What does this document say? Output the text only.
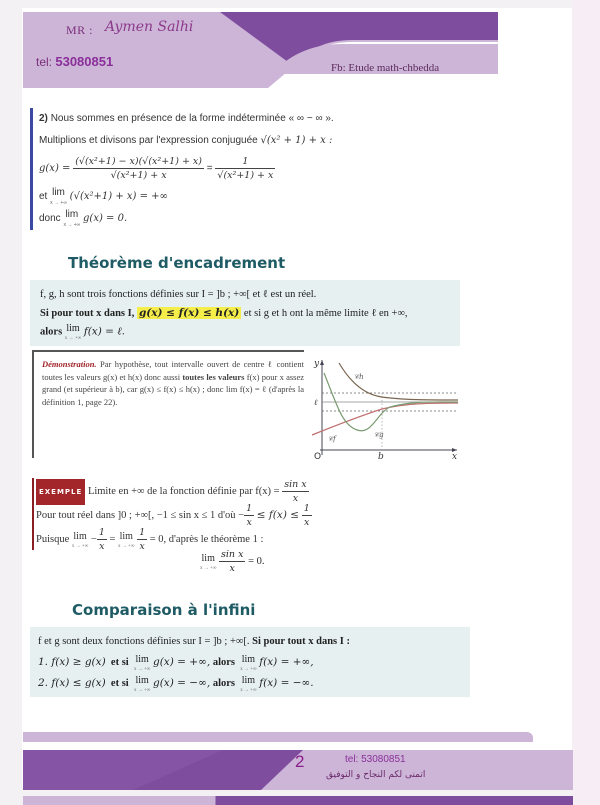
MR : Aymen Salhi
tel: 53080851	Fb: Etude math-chbedda
2) Nous sommes en présence de la forme indéterminée « ∞ − ∞ ».
Multiplions et divisons par l'expression conjuguée √(x² + 1) + x :
$g(x) = \frac{\text{(√(x²+1) − x)(√(x²+1) + x)}}{\text{√(x²+1) + x}} = \frac{1}{\text{√(x²+1) + x}}$
et lim
x → +∞
(√(x²+1) + x) = +∞
donc lim
x → +∞
g(x) = 0.
Théorème d'encadrement
f, g, h sont trois fonctions définies sur I = ]b ; +∞[ et ℓ est un réel.
Si pour tout x dans I, g(x) ≤ f(x) ≤ h(x) et si g et h ont la même limite ℓ en +∞,
alors lim
x → +∞
f(x) = ℓ.
Démonstration. Par hypothèse, tout intervalle ouvert de centre ℓ contient toutes les valeurs g(x) et h(x) donc aussi toutes les valeurs f(x) pour x assez grand (et supérieur à b), car g(x) ≤ f(x) ≤ h(x) ; donc lim f(x) = ℓ (d'après la définition 1, page 22).
y
x
O	b
ℓ
𝒞h
𝒞f	𝒞g
EXEMPLE Limite en +∞ de la fonction définie par $f(x) = \frac{\text{sin x}}{x}$
Pour tout réel dans ]0 ; +∞[, −1 ≤ sin x ≤ 1 d'où − $\frac{1}{x} \le f(x) \le \frac{1}{x}$
Puisque lim
x → +∞
− $\frac{1}{x} = \lim$
x → +∞
$\frac{1}{x} = 0$, d'après le théorème 1 :
lim
x → +∞
$\frac{\text{sin x}}{x} = 0$.
Comparaison à l'infini
f et g sont deux fonctions définies sur I = ]b ; +∞[. Si pour tout x dans I :
1. f(x) ≥ g(x) et si lim
x → +∞
g(x) = +∞, alors lim
x → +∞
f(x) = +∞,
2. f(x) ≤ g(x) et si lim
x → +∞
g(x) = −∞, alors lim
x → +∞
f(x) = −∞.
2	tel: 53080851
اتمنى لكم النجاح و التوفيق
